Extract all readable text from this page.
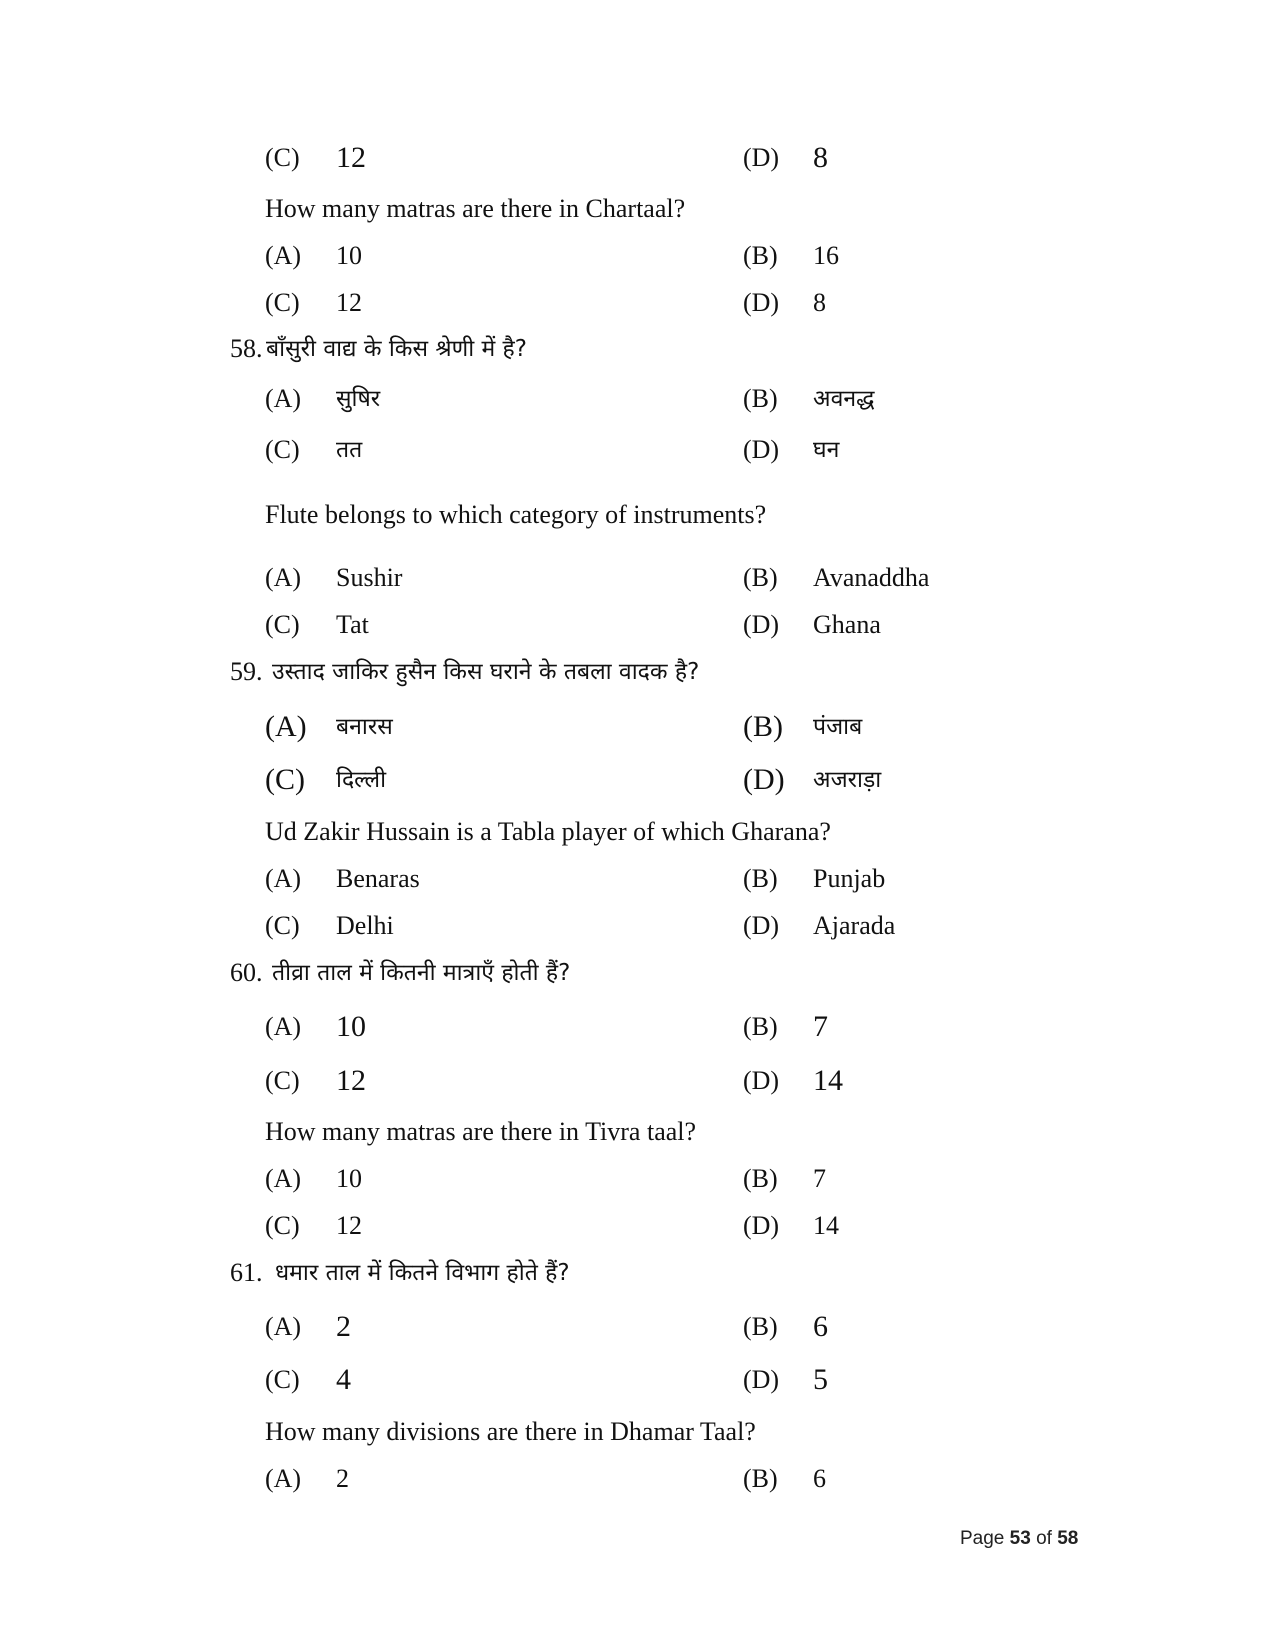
(C) 12	(D) 8
How many matras are there in Chartaal?
(A) 10	(B) 16
(C) 12	(D) 8
58. बाँसुरी वाद्य के किस श्रेणी में है?
(A) सुषिर	(B) अवनद्ध
(C) तत	(D) घन
Flute belongs to which category of instruments?
(A) Sushir	(B) Avanaddha
(C) Tat	(D) Ghana
59. उस्ताद जाकिर हुसैन किस घराने के तबला वादक है?
(A) बनारस	(B) पंजाब
(C) दिल्ली	(D) अजराड़ा
Ud Zakir Hussain is a Tabla player of which Gharana?
(A) Benaras	(B) Punjab
(C) Delhi	(D) Ajarada
60. तीव्रा ताल में कितनी मात्राएँ होती हैं?
(A) 10	(B) 7
(C) 12	(D) 14
How many matras are there in Tivra taal?
(A) 10	(B) 7
(C) 12	(D) 14
61. धमार ताल में कितने विभाग होते हैं?
(A) 2	(B) 6
(C) 4	(D) 5
How many divisions are there in Dhamar Taal?
(A) 2	(B) 6
Page 53 of 58
